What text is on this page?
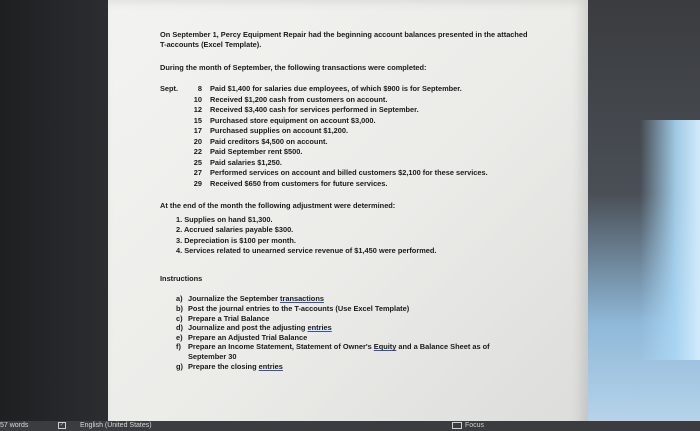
On September 1, Percy Equipment Repair had the beginning account balances presented in the attached T-accounts (Excel Template).

During the month of September, the following transactions were completed:

Sept.	8	Paid $1,400 for salaries due employees, of which $900 is for September.
10	Received $1,200 cash from customers on account.
12	Received $3,400 cash for services performed in September.
15	Purchased store equipment on account $3,000.
17	Purchased supplies on account $1,200.
20	Paid creditors $4,500 on account.
22	Paid September rent $500.
25	Paid salaries $1,250.
27	Performed services on account and billed customers $2,100 for these services.
29	Received $650 from customers for future services.

At the end of the month the following adjustment were determined:

1. Supplies on hand $1,300.
2. Accrued salaries payable $300.
3. Depreciation is $100 per month.
4. Services related to unearned service revenue of $1,450 were performed.

Instructions

a) Journalize the September transactions
b) Post the journal entries to the T-accounts (Use Excel Template)
c) Prepare a Trial Balance
d) Journalize and post the adjusting entries
e) Prepare an Adjusted Trial Balance
f) Prepare an Income Statement, Statement of Owner's Equity and a Balance Sheet as of
September 30
g) Prepare the closing entries
57 words	✓ English (United States)	Focus
